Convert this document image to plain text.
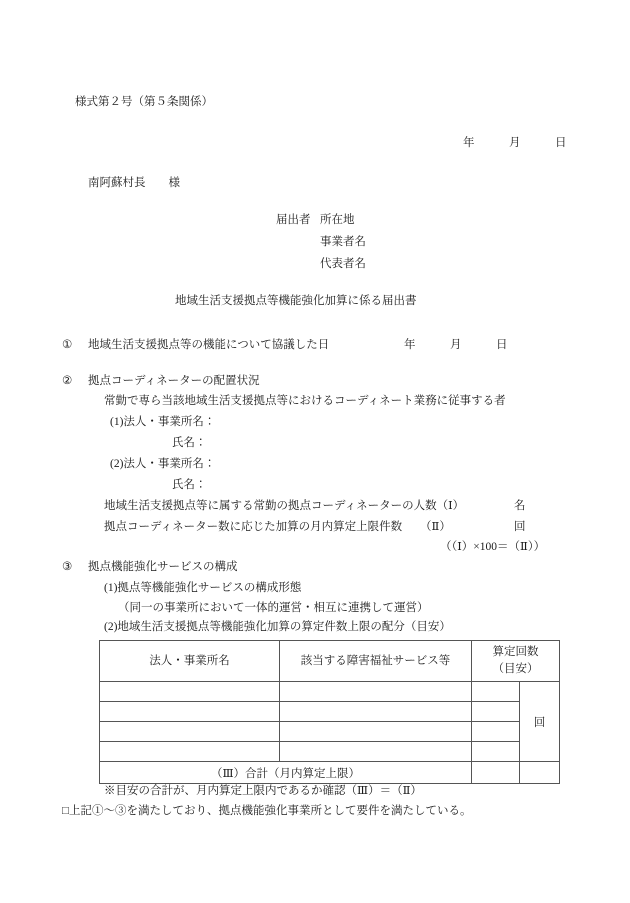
様式第２号（第５条関係）
年　　　月　　　日
南阿蘇村長　　様
届出者 所在地
事業者名
代表者名
地域生活支援拠点等機能強化加算に係る届出書
① 地域生活支援拠点等の機能について協議した日	年　　　月　　　日
② 拠点コーディネーターの配置状況
常勤で専ら当該地域生活支援拠点等におけるコーディネート業務に従事する者
(1)法人・事業所名：
氏名：
(2)法人・事業所名：
氏名：
地域生活支援拠点等に属する常勤の拠点コーディネーターの人数（Ⅰ）	名
拠点コーディネーター数に応じた加算の月内算定上限件数 （Ⅱ）	回
（（Ⅰ）×100＝（Ⅱ））
③ 拠点機能強化サービスの構成
(1)拠点等機能強化サービスの構成形態
（同一の事業所において一体的運営・相互に連携して運営）
(2)地域生活支援拠点等機能強化加算の算定件数上限の配分（目安）
法人・事業所名	該当する障害福祉サービス等	算定回数
（目安）	

			回

（Ⅲ）合計（月内算定上限）			
※目安の合計が、月内算定上限内であるか確認（Ⅲ）＝（Ⅱ）
□上記①～③を満たしており、拠点機能強化事業所として要件を満たしている。
